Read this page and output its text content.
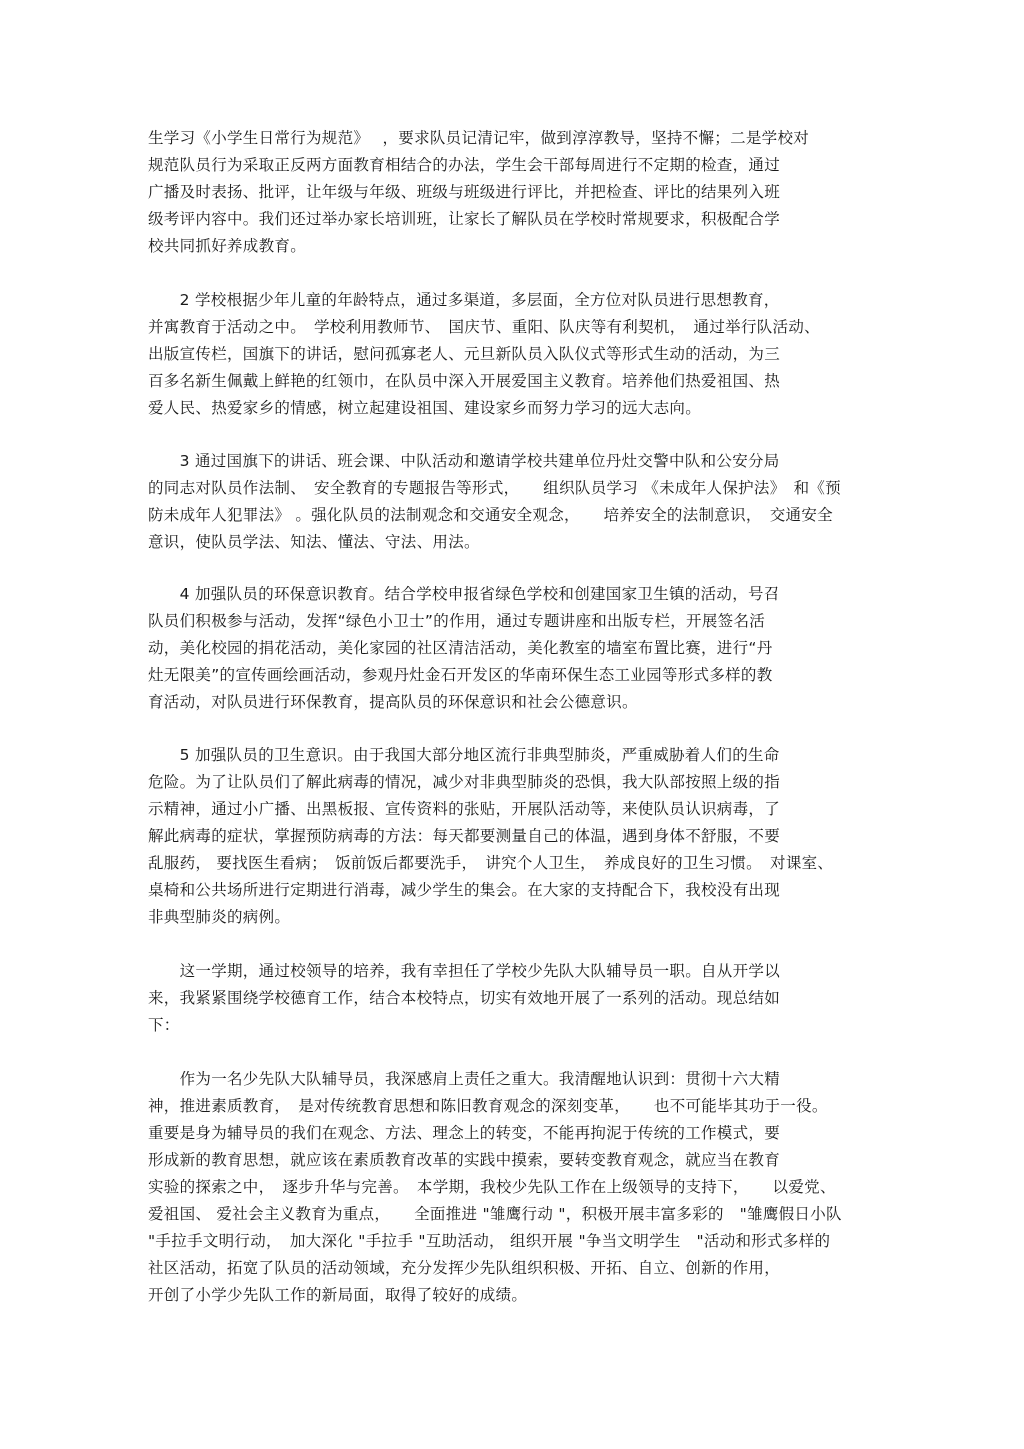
生学习《小学生日常行为规范》　 ，要求队员记清记牢，做到淳淳教导，坚持不懈；二是学校对
规范队员行为采取正反两方面教育相结合的办法，学生会干部每周进行不定期的检查，通过
广播及时表扬、批评，让年级与年级、班级与班级进行评比，并把检查、评比的结果列入班
级考评内容中。我们还过举办家长培训班，让家长了解队员在学校时常规要求，积极配合学
校共同抓好养成教育。
　　2 学校根据少年儿童的年龄特点，通过多渠道，多层面，全方位对队员进行思想教育，
并寓教育于活动之中。　学校利用教师节、　国庆节、重阳、队庆等有利契机，　通过举行队活动、
出版宣传栏，国旗下的讲话，慰问孤寡老人、元旦新队员入队仪式等形式生动的活动，为三
百多名新生佩戴上鲜艳的红领巾，在队员中深入开展爱国主义教育。培养他们热爱祖国、热
爱人民、热爱家乡的情感，树立起建设祖国、建设家乡而努力学习的远大志向。
　　3 通过国旗下的讲话、班会课、中队活动和邀请学校共建单位丹灶交警中队和公安分局
的同志对队员作法制、　安全教育的专题报告等形式，　　组织队员学习 《未成年人保护法》　和《预
防未成年人犯罪法》 。强化队员的法制观念和交通安全观念，　　培养安全的法制意识，　交通安全
意识，使队员学法、知法、懂法、守法、用法。
　　4 加强队员的环保意识教育。结合学校申报省绿色学校和创建国家卫生镇的活动，号召
队员们积极参与活动，发挥“绿色小卫士”的作用，通过专题讲座和出版专栏，开展签名活
动，美化校园的捐花活动，美化家园的社区清洁活动，美化教室的墙室布置比赛，进行“丹
灶无限美”的宣传画绘画活动，参观丹灶金石开发区的华南环保生态工业园等形式多样的教
育活动，对队员进行环保教育，提高队员的环保意识和社会公德意识。
　　5 加强队员的卫生意识。由于我国大部分地区流行非典型肺炎，严重威胁着人们的生命
危险。为了让队员们了解此病毒的情况，减少对非典型肺炎的恐惧，我大队部按照上级的指
示精神，通过小广播、出黑板报、宣传资料的张贴，开展队活动等，来使队员认识病毒，了
解此病毒的症状，掌握预防病毒的方法：每天都要测量自己的体温，遇到身体不舒服，不要
乱服药， 要找医生看病；　饭前饭后都要洗手，　讲究个人卫生，　养成良好的卫生习惯。　对课室、
桌椅和公共场所进行定期进行消毒，减少学生的集会。在大家的支持配合下，我校没有出现
非典型肺炎的病例。
　　这一学期，通过校领导的培养，我有幸担任了学校少先队大队辅导员一职。自从开学以
来，我紧紧围绕学校德育工作，结合本校特点，切实有效地开展了一系列的活动。现总结如
下：
　　作为一名少先队大队辅导员，我深感肩上责任之重大。我清醒地认识到：贯彻十六大精
神，推进素质教育，　是对传统教育思想和陈旧教育观念的深刻变革，　　也不可能毕其功于一役。
重要是身为辅导员的我们在观念、方法、理念上的转变，不能再拘泥于传统的工作模式，要
形成新的教育思想，就应该在素质教育改革的实践中摸索，要转变教育观念，就应当在教育
实验的探索之中，　逐步升华与完善。　本学期，我校少先队工作在上级领导的支持下，　　以爱党、
爱祖国、 爱社会主义教育为重点，　　全面推进 "雏鹰行动 "，积极开展丰富多彩的　"雏鹰假日小队
"手拉手文明行动，　加大深化 "手拉手 "互助活动， 组织开展 "争当文明学生　"活动和形式多样的
社区活动，拓宽了队员的活动领域，充分发挥少先队组织积极、开拓、自立、创新的作用，
开创了小学少先队工作的新局面，取得了较好的成绩。
